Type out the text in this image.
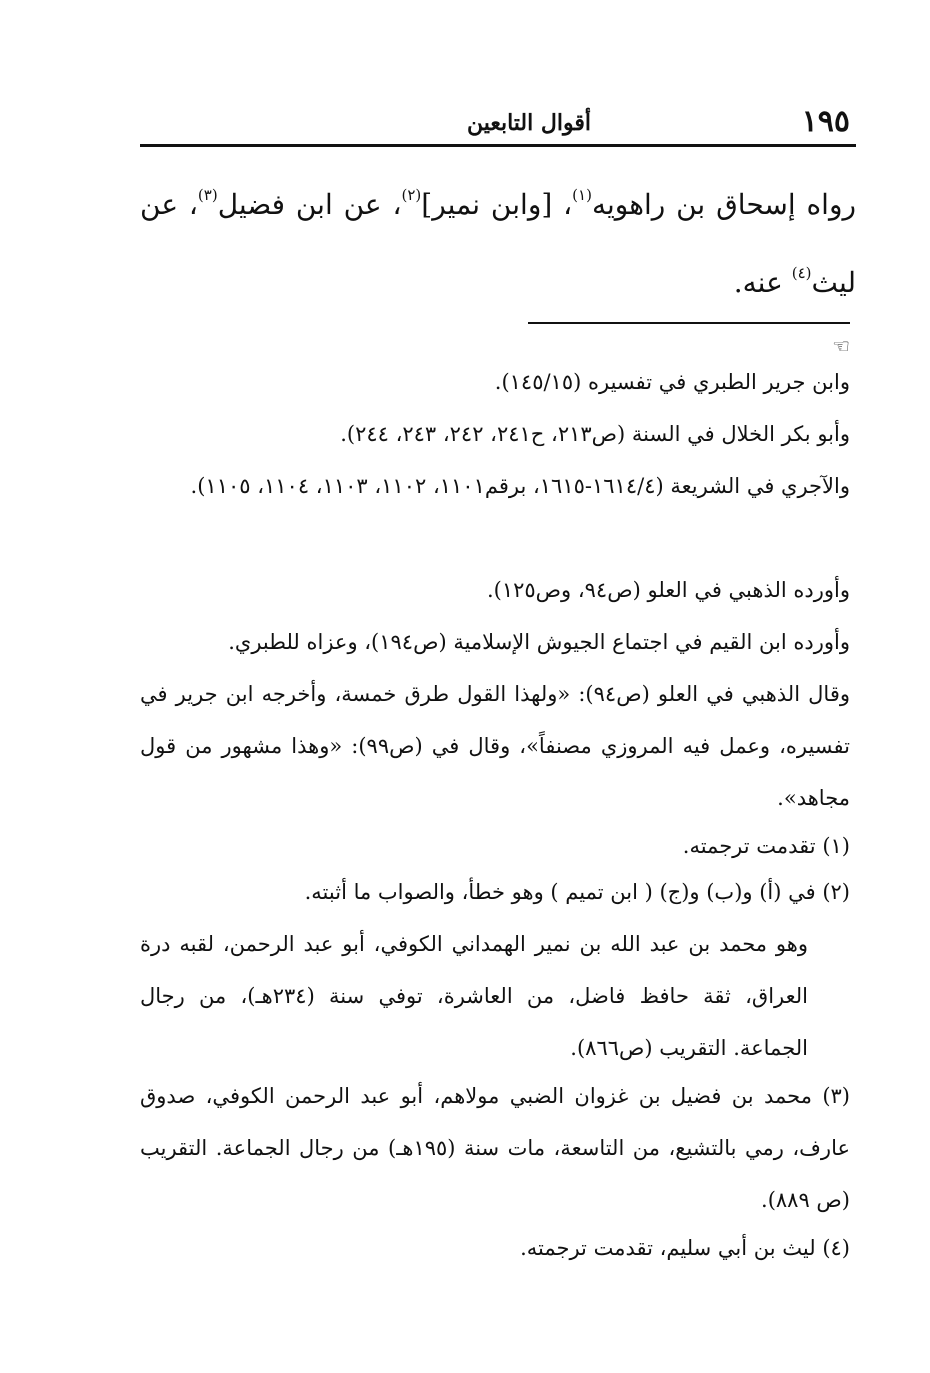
١٩٥
أقوال التابعين
رواه إسحاق بن راهويه$^{(١)}$، [وابن نمير]$^{(٢)}$، عن ابن فضيل$^{(٣)}$، عن ليث$^{(٤)}$ عنه.
☜
وابن جرير الطبري في تفسيره (١٤٥/١٥).
وأبو بكر الخلال في السنة (ص٢١٣، ح٢٤١، ٢٤٢، ٢٤٣، ٢٤٤).
والآجري في الشريعة (١٦١٤/٤-١٦١٥، برقم١١٠١، ١١٠٢، ١١٠٣، ١١٠٤، ١١٠٥).
وأورده الذهبي في العلو (ص٩٤، وص١٢٥).
وأورده ابن القيم في اجتماع الجيوش الإسلامية (ص١٩٤)، وعزاه للطبري.
وقال الذهبي في العلو (ص٩٤): «ولهذا القول طرق خمسة، وأخرجه ابن جرير في تفسيره، وعمل فيه المروزي مصنفاً»، وقال في (ص٩٩): «وهذا مشهور من قول مجاهد».
(١) تقدمت ترجمته.
(٢) في (أ) و(ب) و(ج) ( ابن تميم ) وهو خطأ، والصواب ما أثبته.
وهو محمد بن عبد الله بن نمير الهمداني الكوفي، أبو عبد الرحمن، لقبه درة العراق، ثقة حافظ فاضل، من العاشرة، توفي سنة (٢٣٤هـ)، من رجال الجماعة. التقريب (ص٨٦٦).
(٣) محمد بن فضيل بن غزوان الضبي مولاهم، أبو عبد الرحمن الكوفي، صدوق عارف، رمي بالتشيع، من التاسعة، مات سنة (١٩٥هـ) من رجال الجماعة. التقريب (ص ٨٨٩).
(٤) ليث بن أبي سليم، تقدمت ترجمته.
